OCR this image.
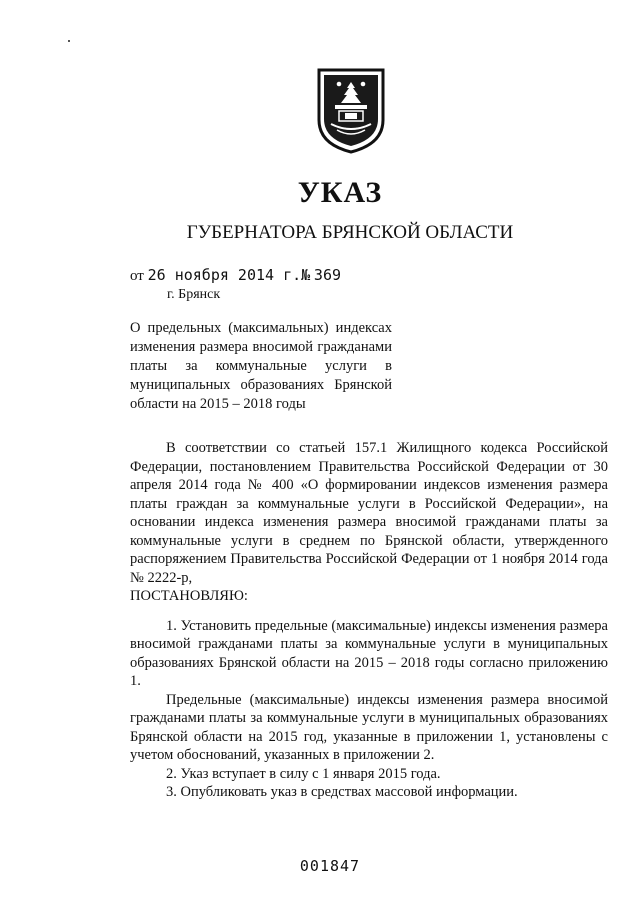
УКАЗ
ГУБЕРНАТОРА БРЯНСКОЙ ОБЛАСТИ
от 26 ноября 2014 г.№ 369
г. Брянск
О предельных (максимальных) индексах изменения размера вносимой гражданами платы за коммунальные услуги в муниципальных образованиях Брянской области на 2015 – 2018 годы

В соответствии со статьей 157.1 Жилищного кодекса Российской Федерации, постановлением Правительства Российской Федерации от 30 апреля 2014 года № 400 «О формировании индексов изменения размера платы граждан за коммунальные услуги в Российской Федерации», на основании индекса изменения размера вносимой гражданами платы за коммунальные услуги в среднем по Брянской области, утвержденного распоряжением Правительства Российской Федерации от 1 ноября 2014 года № 2222-р,

ПОСТАНОВЛЯЮ:

1. Установить предельные (максимальные) индексы изменения размера вносимой гражданами платы за коммунальные услуги в муниципальных образованиях Брянской области на 2015 – 2018 годы согласно приложению 1.

Предельные (максимальные) индексы изменения размера вносимой гражданами платы за коммунальные услуги в муниципальных образованиях Брянской области на 2015 год, указанные в приложении 1, установлены с учетом обоснований, указанных в приложении 2.

2. Указ вступает в силу с 1 января 2015 года.

3. Опубликовать указ в средствах массовой информации.

001847
